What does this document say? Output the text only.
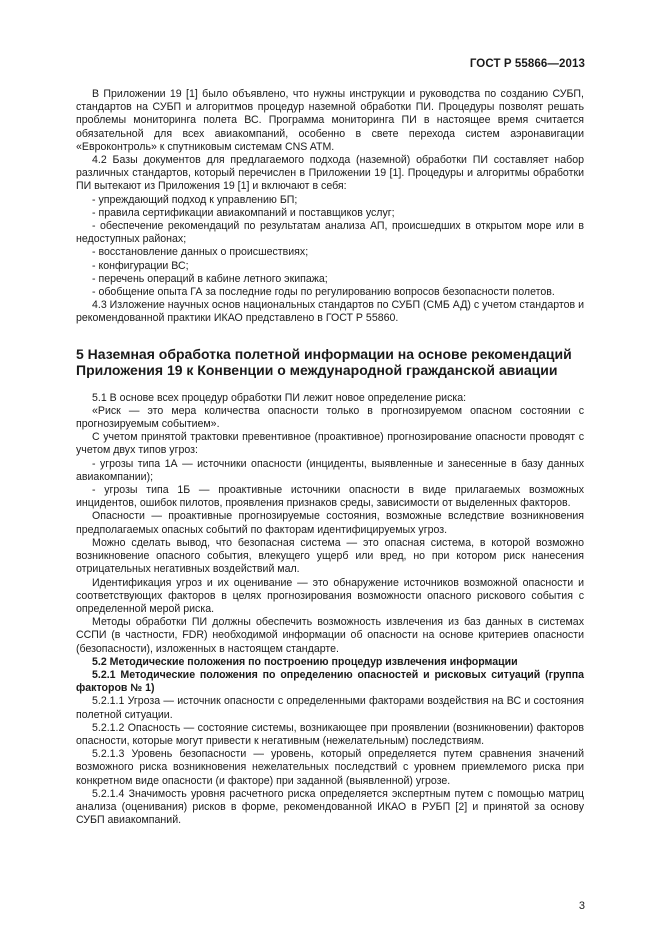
ГОСТ Р 55866—2013

В Приложении 19 [1] было объявлено, что нужны инструкции и руководства по созданию СУБП, стандартов на СУБП и алгоритмов процедур наземной обработки ПИ. Процедуры позволят решать проблемы мониторинга полета ВС. Программа мониторинга ПИ в настоящее время считается обязательной для всех авиакомпаний, особенно в свете перехода систем аэронавигации «Евроконтроль» к спутниковым системам CNS ATM.

4.2 Базы документов для предлагаемого подхода (наземной) обработки ПИ составляет набор различных стандартов, который перечислен в Приложении 19 [1]. Процедуры и алгоритмы обработки ПИ вытекают из Приложения 19 [1] и включают в себя:

- упреждающий подход к управлению БП;

- правила сертификации авиакомпаний и поставщиков услуг;

- обеспечение рекомендаций по результатам анализа АП, происшедших в открытом море или в недоступных районах;

- восстановление данных о происшествиях;

- конфигурации ВС;

- перечень операций в кабине летного экипажа;

- обобщение опыта ГА за последние годы по регулированию вопросов безопасности полетов.

4.3 Изложение научных основ национальных стандартов по СУБП (СМБ АД) с учетом стандартов и рекомендованной практики ИКАО представлено в ГОСТ Р 55860.

5 Наземная обработка полетной информации на основе рекомендаций Приложения 19 к Конвенции о международной гражданской авиации

5.1 В основе всех процедур обработки ПИ лежит новое определение риска:

«Риск — это мера количества опасности только в прогнозируемом опасном состоянии с прогнозируемым событием».

С учетом принятой трактовки превентивное (проактивное) прогнозирование опасности проводят с учетом двух типов угроз:

- угрозы типа 1А — источники опасности (инциденты, выявленные и занесенные в базу данных авиакомпании);

- угрозы типа 1Б — проактивные источники опасности в виде прилагаемых возможных инцидентов, ошибок пилотов, проявления признаков среды, зависимости от выделенных факторов.

Опасности — проактивные прогнозируемые состояния, возможные вследствие возникновения предполагаемых опасных событий по факторам идентифицируемых угроз.

Можно сделать вывод, что безопасная система — это опасная система, в которой возможно возникновение опасного события, влекущего ущерб или вред, но при котором риск нанесения отрицательных негативных воздействий мал.

Идентификация угроз и их оценивание — это обнаружение источников возможной опасности и соответствующих факторов в целях прогнозирования возможности опасного рискового события с определенной мерой риска.

Методы обработки ПИ должны обеспечить возможность извлечения из баз данных в системах ССПИ (в частности, FDR) необходимой информации об опасности на основе критериев опасности (безопасности), изложенных в настоящем стандарте.

5.2 Методические положения по построению процедур извлечения информации

5.2.1 Методические положения по определению опасностей и рисковых ситуаций (группа факторов № 1)

5.2.1.1 Угроза — источник опасности с определенными факторами воздействия на ВС и состояния полетной ситуации.

5.2.1.2 Опасность — состояние системы, возникающее при проявлении (возникновении) факторов опасности, которые могут привести к негативным (нежелательным) последствиям.

5.2.1.3 Уровень безопасности — уровень, который определяется путем сравнения значений возможного риска возникновения нежелательных последствий с уровнем приемлемого риска при конкретном виде опасности (и факторе) при заданной (выявленной) угрозе.

5.2.1.4 Значимость уровня расчетного риска определяется экспертным путем с помощью матриц анализа (оценивания) рисков в форме, рекомендованной ИКАО в РУБП [2] и принятой за основу СУБП авиакомпаний.

3
